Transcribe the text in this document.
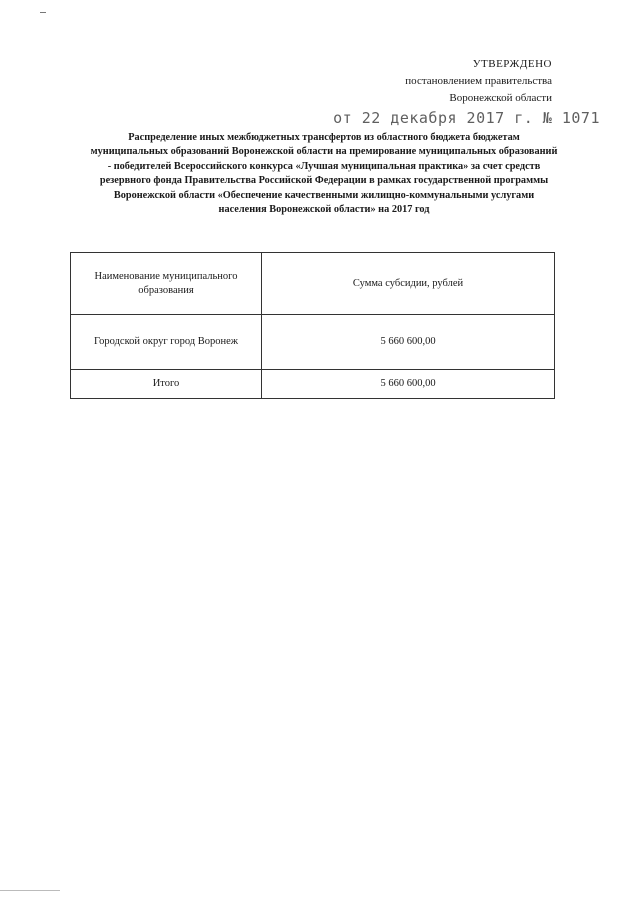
УТВЕРЖДЕНО
постановлением правительства
Воронежской области
от 22 декабря 2017 г. № 1071
Распределение иных межбюджетных трансфертов из областного бюджета бюджетам
муниципальных образований Воронежской области на премирование муниципальных образований
- победителей Всероссийского конкурса «Лучшая муниципальная практика» за счет средств
резервного фонда Правительства Российской Федерации в рамках государственной программы
Воронежской области «Обеспечение качественными жилищно-коммунальными услугами
населения Воронежской области» на 2017 год
Наименование муниципального образования	Сумма субсидии, рублей
Городской округ город Воронеж	5 660 600,00
Итого	5 660 600,00
